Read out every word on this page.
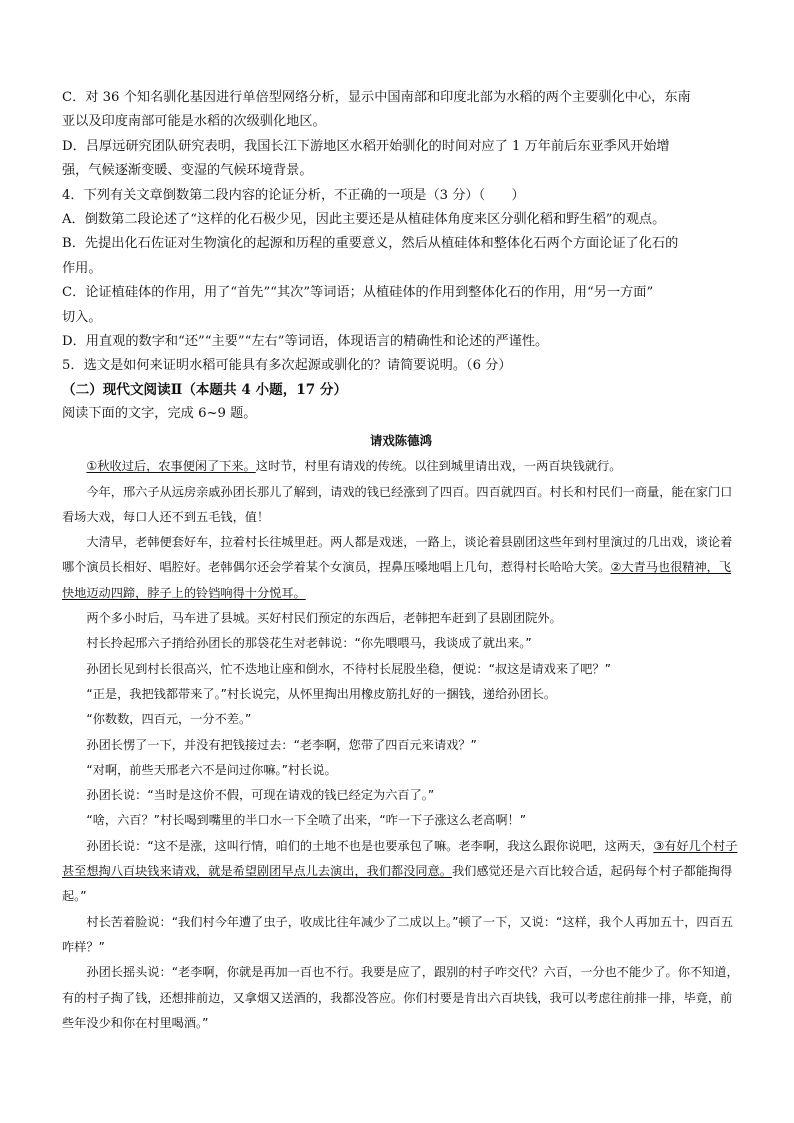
C．对 36 个知名驯化基因进行单倍型网络分析，显示中国南部和印度北部为水稻的两个主要驯化中心，东南

亚以及印度南部可能是水稻的次级驯化地区。

D．吕厚远研究团队研究表明，我国长江下游地区水稻开始驯化的时间对应了 1 万年前后东亚季风开始增

强，气候逐渐变暖、变湿的气候环境背景。

4．下列有关文章倒数第二段内容的论证分析，不正确的一项是（3 分）（　　）

A．倒数第二段论述了“这样的化石极少见，因此主要还是从植硅体角度来区分驯化稻和野生稻”的观点。

B．先提出化石佐证对生物演化的起源和历程的重要意义，然后从植硅体和整体化石两个方面论证了化石的

作用。

C．论证植硅体的作用，用了“首先”“其次”等词语；从植硅体的作用到整体化石的作用，用“另一方面”

切入。

D．用直观的数字和“还”“主要”“左右”等词语，体现语言的精确性和论述的严谨性。

5．选文是如何来证明水稻可能具有多次起源或驯化的？请简要说明。（6 分）

（二）现代文阅读Ⅱ（本题共 4 小题，17 分）

阅读下面的文字，完成 6~9 题。

请戏陈德鸿

①秋收过后，农事便闲了下来。这时节，村里有请戏的传统。以往到城里请出戏，一两百块钱就行。

今年，邢六子从远房亲戚孙团长那儿了解到，请戏的钱已经涨到了四百。四百就四百。村长和村民们一商量，能在家门口看场大戏，每口人还不到五毛钱，值！

大清早，老韩便套好车，拉着村长往城里赶。两人都是戏迷，一路上，谈论着县剧团这些年到村里演过的几出戏，谈论着哪个演员长相好、唱腔好。老韩偶尔还会学着某个女演员，捏鼻压嗓地唱上几句，惹得村长哈哈大笑。②大青马也很精神，飞快地迈动四蹄，脖子上的铃铛响得十分悦耳。

两个多小时后，马车进了县城。买好村民们预定的东西后，老韩把车赶到了县剧团院外。

村长拎起邢六子捎给孙团长的那袋花生对老韩说：“你先喂喂马，我谈成了就出来。”

孙团长见到村长很高兴，忙不迭地让座和倒水，不待村长屁股坐稳，便说：“叔这是请戏来了吧？”

“正是，我把钱都带来了。”村长说完，从怀里掏出用橡皮筋扎好的一捆钱，递给孙团长。

“你数数，四百元，一分不差。”

孙团长愣了一下，并没有把钱接过去：“老李啊，您带了四百元来请戏？”

“对啊，前些天邢老六不是问过你嘛。”村长说。

孙团长说：“当时是这价不假，可现在请戏的钱已经定为六百了。”

“啥，六百？”村长喝到嘴里的半口水一下全喷了出来，“咋一下子涨这么老高啊！”

孙团长说：“这不是涨，这叫行情，咱们的土地不也是也要承包了嘛。老李啊，我这么跟你说吧，这两天，③有好几个村子甚至想掏八百块钱来请戏，就是希望剧团早点儿去演出，我们都没同意。我们感觉还是六百比较合适，起码每个村子都能掏得起。”

村长苦着脸说：“我们村今年遭了虫子，收成比往年减少了二成以上。”顿了一下，又说：“这样，我个人再加五十，四百五咋样？”

孙团长摇头说：“老李啊，你就是再加一百也不行。我要是应了，跟别的村子咋交代？六百，一分也不能少了。你不知道，有的村子掏了钱，还想排前边，又拿烟又送酒的，我都没答应。你们村要是肯出六百块钱，我可以考虑往前排一排，毕竟，前些年没少和你在村里喝酒。”
